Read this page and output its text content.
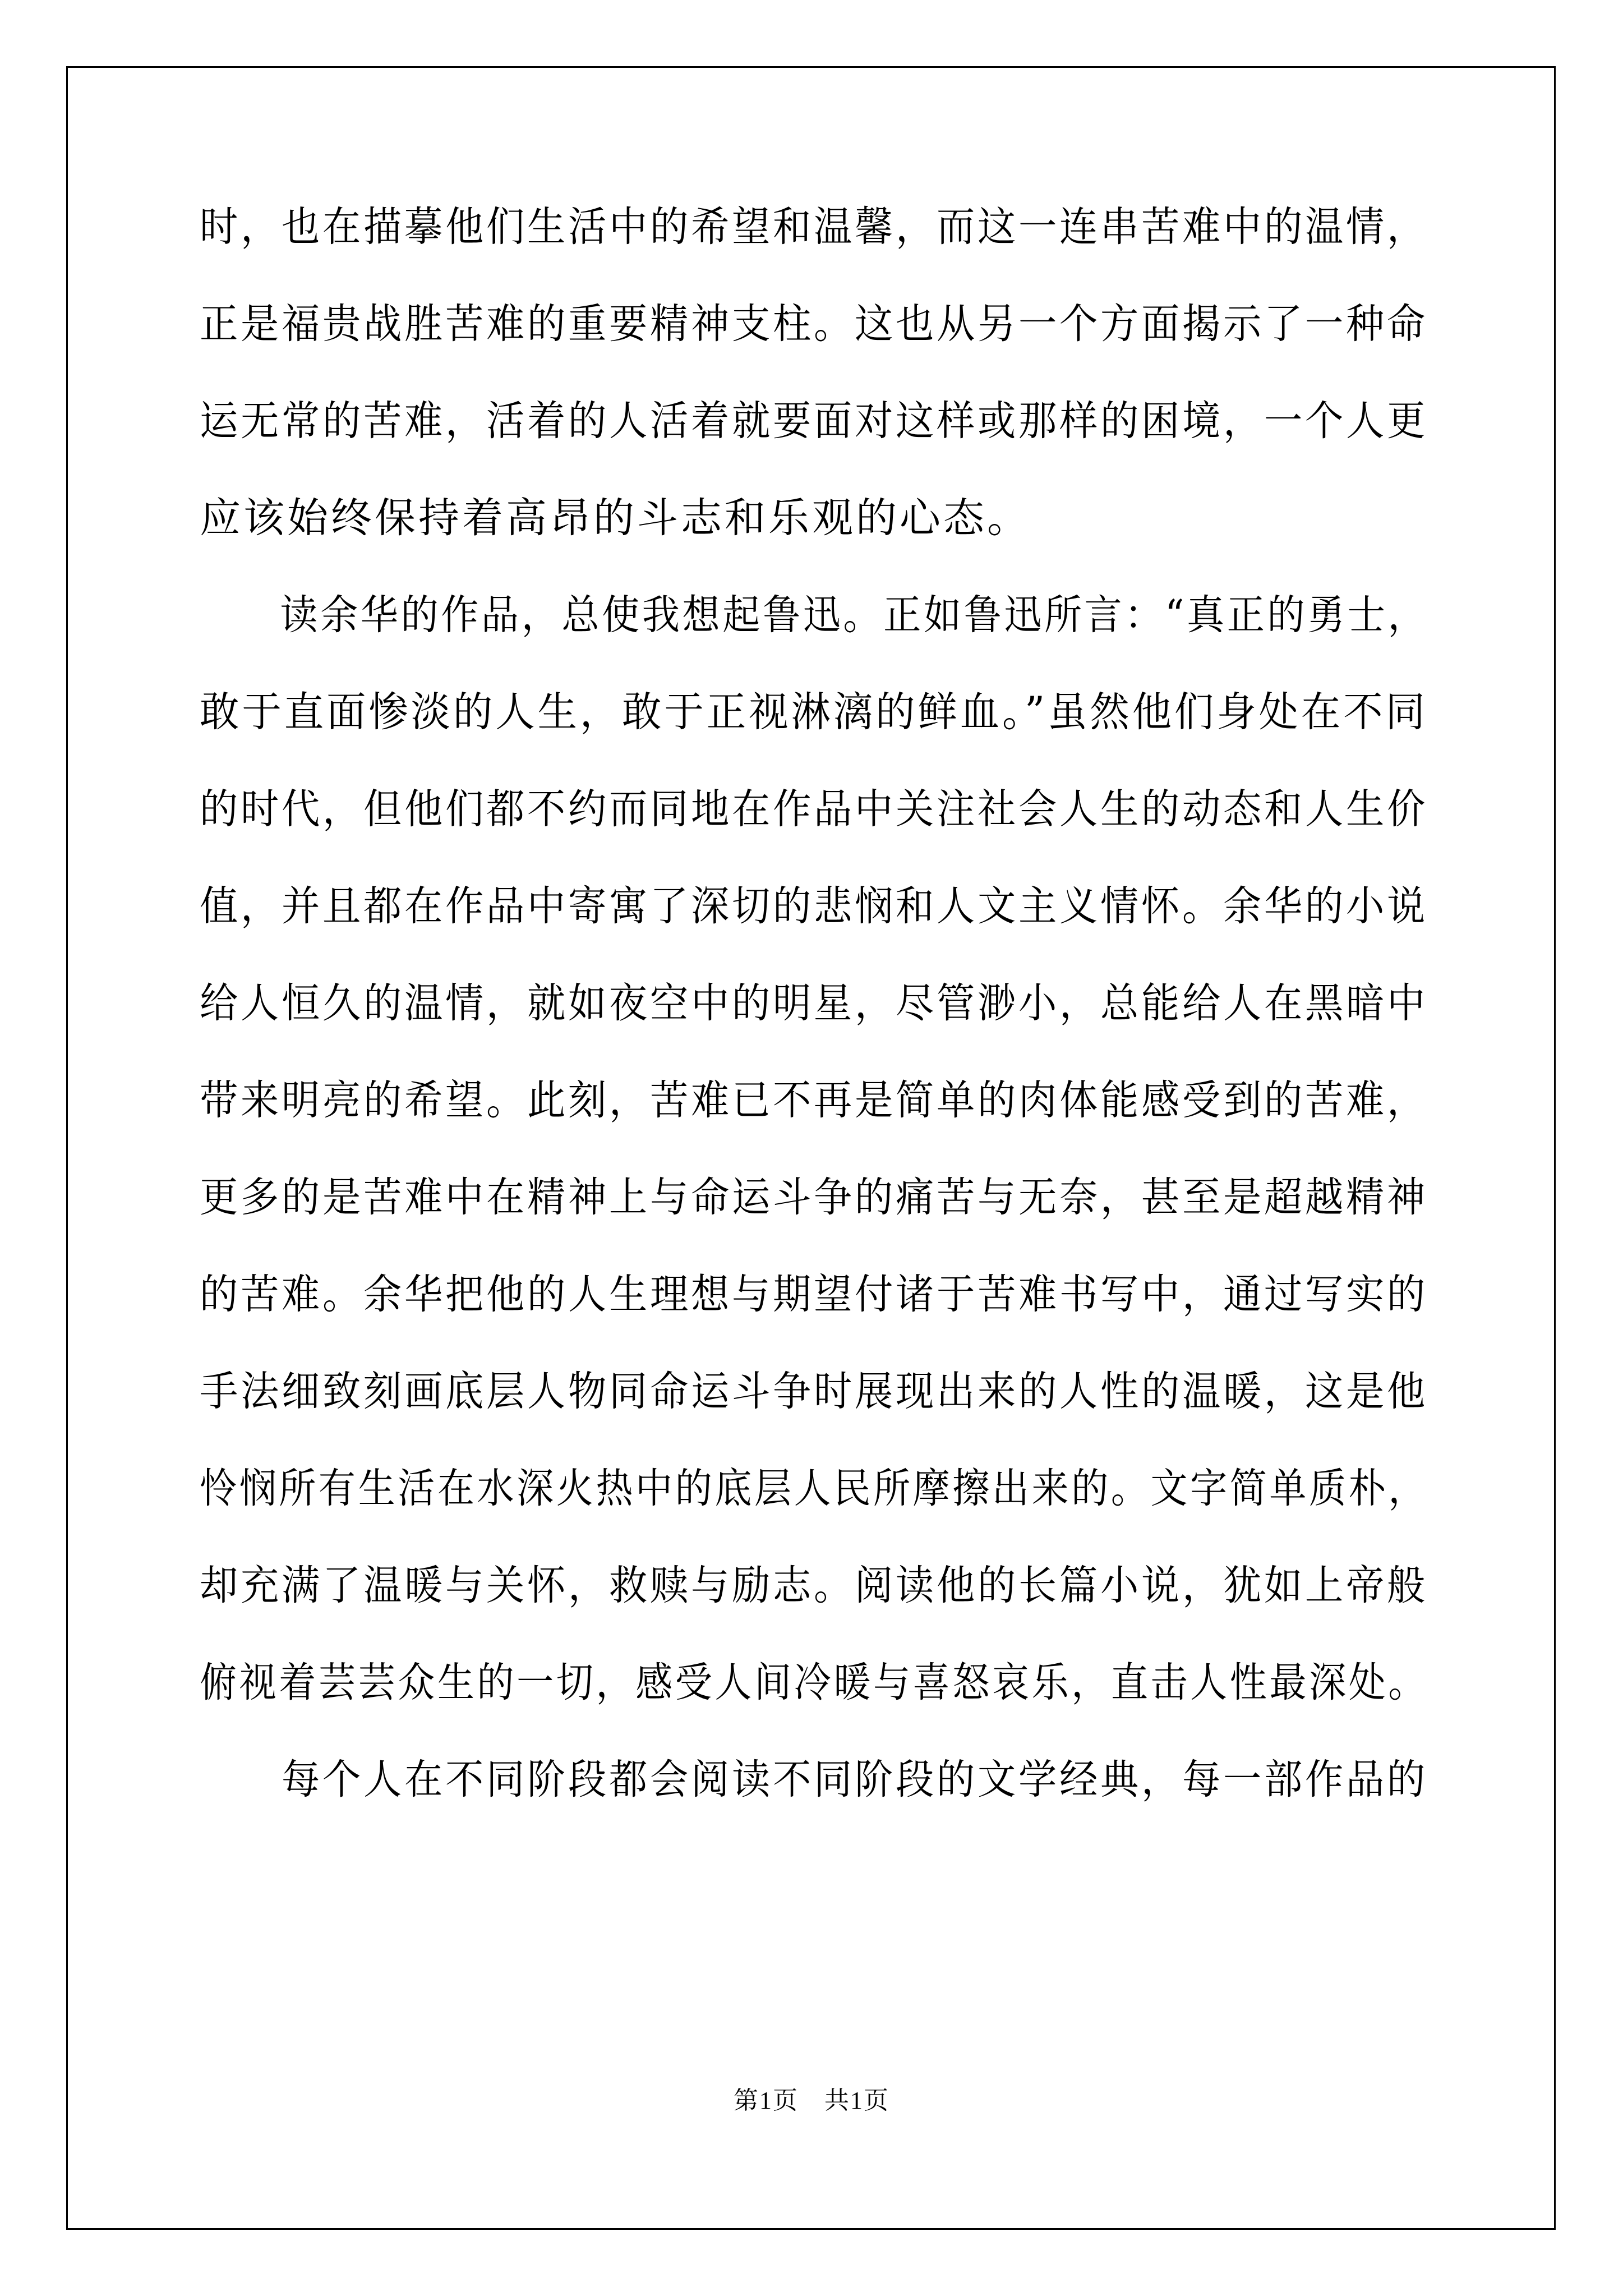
时，也在描摹他们生活中的希望和温馨，而这一连串苦难中的温情，
正是福贵战胜苦难的重要精神支柱。这也从另一个方面揭示了一种命
运无常的苦难，活着的人活着就要面对这样或那样的困境，一个人更
应该始终保持着高昂的斗志和乐观的心态。
　　读余华的作品，总使我想起鲁迅。正如鲁迅所言：“真正的勇士，
敢于直面惨淡的人生，敢于正视淋漓的鲜血。”虽然他们身处在不同
的时代，但他们都不约而同地在作品中关注社会人生的动态和人生价
值，并且都在作品中寄寓了深切的悲悯和人文主义情怀。余华的小说
给人恒久的温情，就如夜空中的明星，尽管渺小，总能给人在黑暗中
带来明亮的希望。此刻，苦难已不再是简单的肉体能感受到的苦难，
更多的是苦难中在精神上与命运斗争的痛苦与无奈，甚至是超越精神
的苦难。余华把他的人生理想与期望付诸于苦难书写中，通过写实的
手法细致刻画底层人物同命运斗争时展现出来的人性的温暖，这是他
怜悯所有生活在水深火热中的底层人民所摩擦出来的。文字简单质朴，
却充满了温暖与关怀，救赎与励志。阅读他的长篇小说，犹如上帝般
俯视着芸芸众生的一切，感受人间冷暖与喜怒哀乐，直击人性最深处。
　　每个人在不同阶段都会阅读不同阶段的文学经典，每一部作品的
第1页　共1页
